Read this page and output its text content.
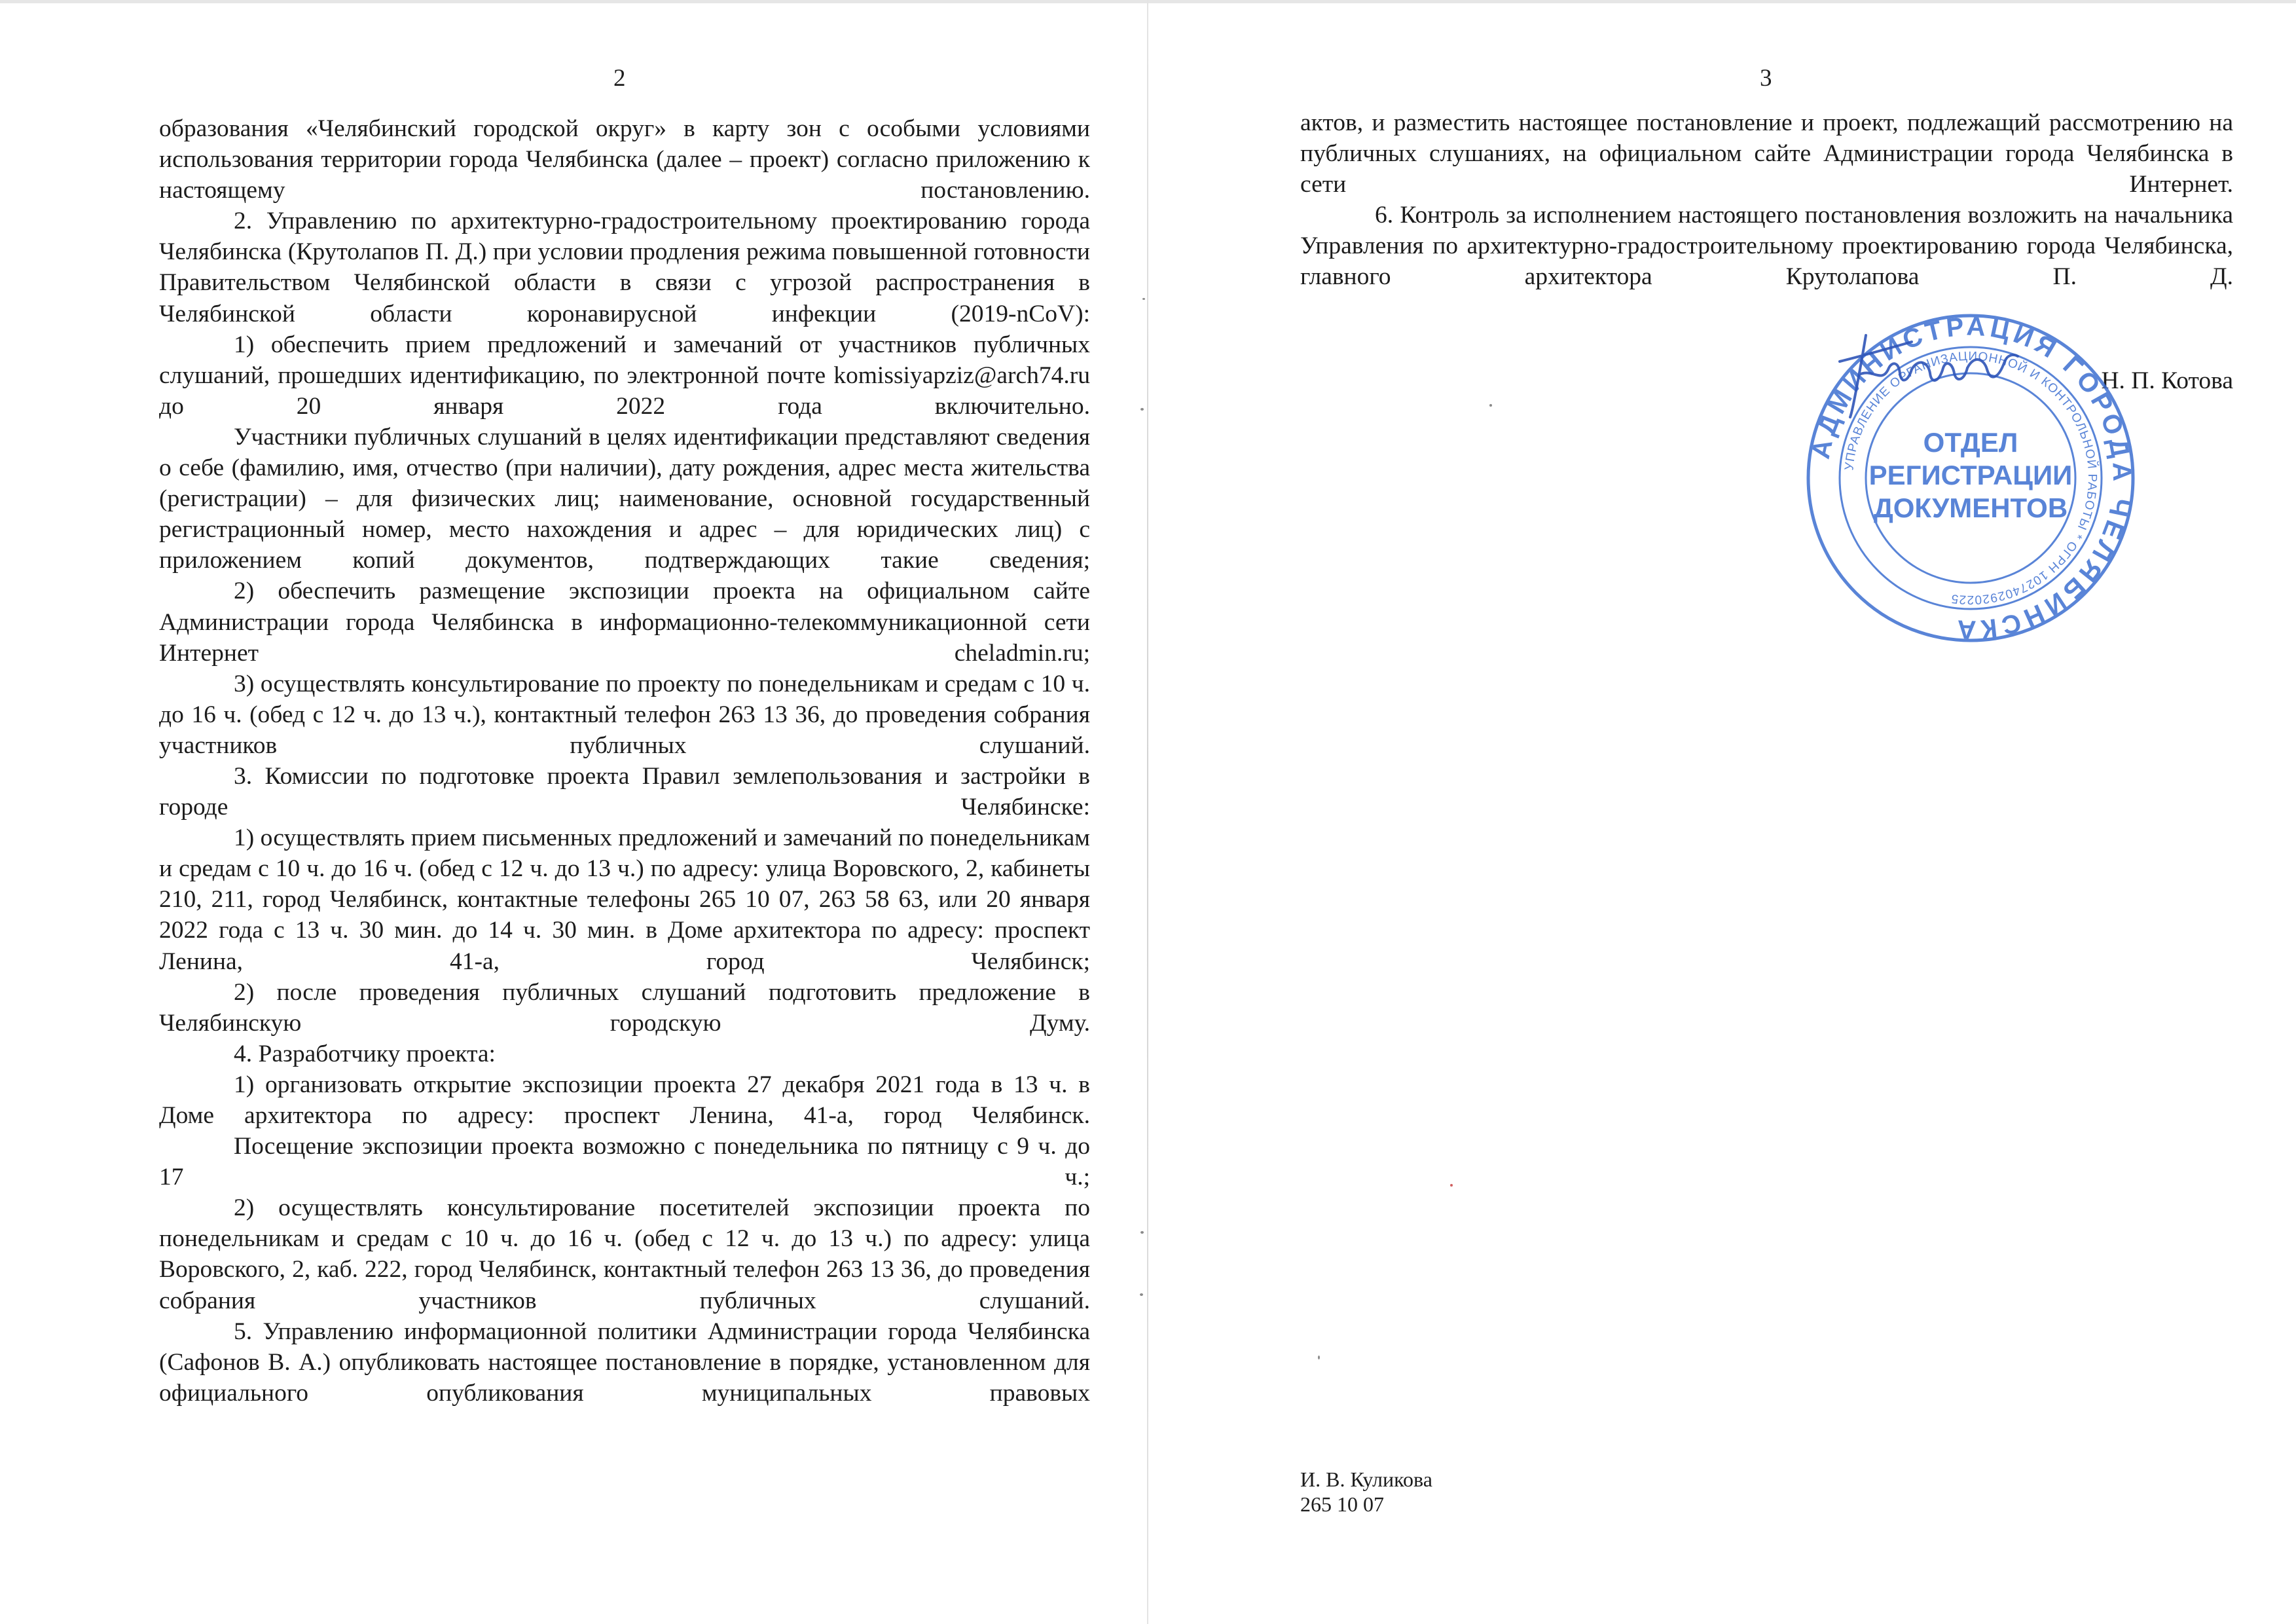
2

образования «Челябинский городской округ» в карту зон с особыми условиями использования территории города Челябинска (далее – проект) согласно приложению к настоящему постановлению.

2. Управлению по архитектурно-градостроительному проектированию города Челябинска (Крутолапов П. Д.) при условии продления режима повышенной готовности Правительством Челябинской области в связи с угрозой распространения в Челябинской области коронавирусной инфекции (2019-nCoV):

1) обеспечить прием предложений и замечаний от участников публичных слушаний, прошедших идентификацию, по электронной почте komissiyapziz@arch74.ru до 20 января 2022 года включительно.

Участники публичных слушаний в целях идентификации представляют сведения о себе (фамилию, имя, отчество (при наличии), дату рождения, адрес места жительства (регистрации) – для физических лиц; наименование, основной государственный регистрационный номер, место нахождения и адрес – для юридических лиц) с приложением копий документов, подтверждающих такие сведения;

2) обеспечить размещение экспозиции проекта на официальном сайте Администрации города Челябинска в информационно-телекоммуникационной сети Интернет cheladmin.ru;

3) осуществлять консультирование по проекту по понедельникам и средам с 10 ч. до 16 ч. (обед с 12 ч. до 13 ч.), контактный телефон 263 13 36, до проведения собрания участников публичных слушаний.

3. Комиссии по подготовке проекта Правил землепользования и застройки в городе Челябинске:

1) осуществлять прием письменных предложений и замечаний по понедельникам и средам с 10 ч. до 16 ч. (обед с 12 ч. до 13 ч.) по адресу: улица Воровского, 2, кабинеты 210, 211, город Челябинск, контактные телефоны 265 10 07, 263 58 63, или 20 января 2022 года с 13 ч. 30 мин. до 14 ч. 30 мин. в Доме архитектора по адресу: проспект Ленина, 41-а, город Челябинск;

2) после проведения публичных слушаний подготовить предложение в Челябинскую городскую Думу.

4. Разработчику проекта:

1) организовать открытие экспозиции проекта 27 декабря 2021 года в 13 ч. в Доме архитектора по адресу: проспект Ленина, 41-а, город Челябинск.

Посещение экспозиции проекта возможно с понедельника по пятницу с 9 ч. до 17 ч.;

2) осуществлять консультирование посетителей экспозиции проекта по понедельникам и средам с 10 ч. до 16 ч. (обед с 12 ч. до 13 ч.) по адресу: улица Воровского, 2, каб. 222, город Челябинск, контактный телефон 263 13 36, до проведения собрания участников публичных слушаний.

5. Управлению информационной политики Администрации города Челябинска (Сафонов В. А.) опубликовать настоящее постановление в порядке, установленном для официального опубликования муниципальных правовых

3

актов, и разместить настоящее постановление и проект, подлежащий рассмотрению на публичных слушаниях, на официальном сайте Администрации города Челябинска в сети Интернет.

6. Контроль за исполнением настоящего постановления возложить на начальника Управления по архитектурно-градостроительному проектированию города Челябинска, главного архитектора Крутолапова П. Д.

Н. П. Котова
АДМИНИСТРАЦИЯ ГОРОДА ЧЕЛЯБИНСКА
УПРАВЛЕНИЕ ОРГАНИЗАЦИОННОЙ И КОНТРОЛЬНОЙ РАБОТЫ * ОГРН 1027402920225
ОТДЕЛ
РЕГИСТРАЦИИ
ДОКУМЕНТОВ
И. В. Куликова
265 10 07
